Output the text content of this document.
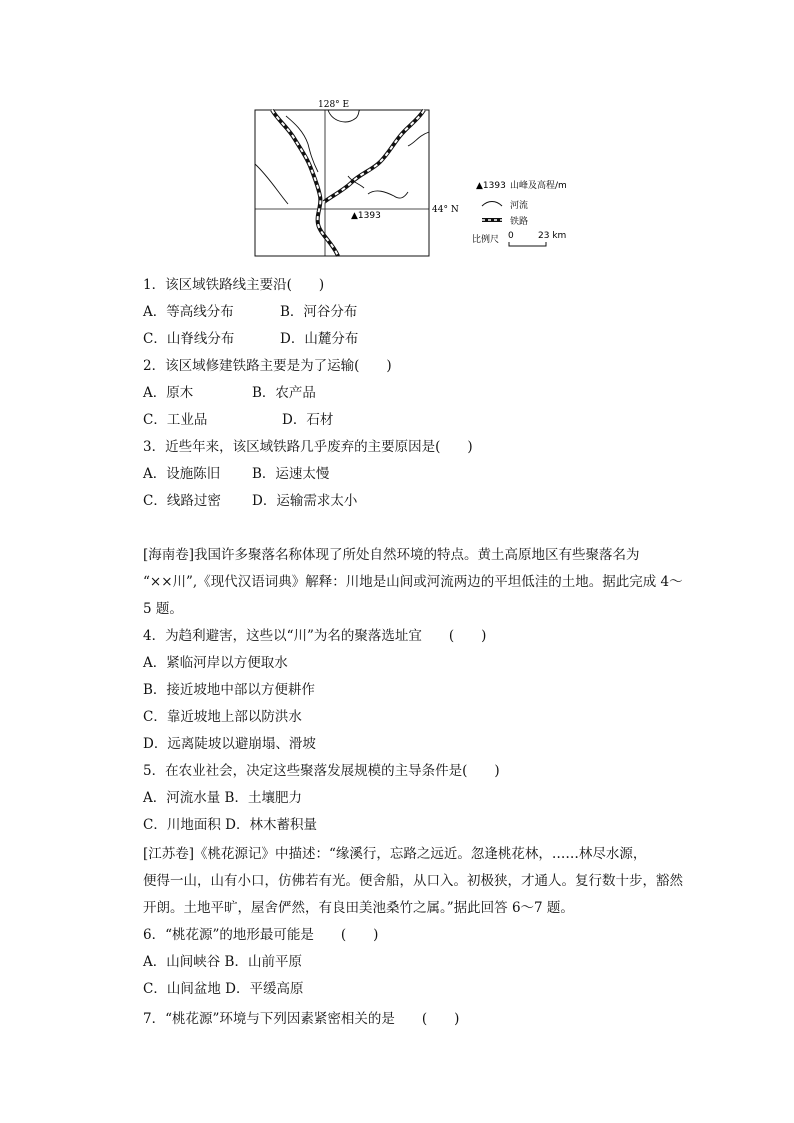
▲1393
128° E
44° N
▲1393 山峰及高程/m
河流
铁路
比例尺 0	23 km
1．该区域铁路线主要沿(　　)
A．等高线分布	B．河谷分布
C．山脊线分布	D．山麓分布
2．该区域修建铁路主要是为了运输(　　)
A．原木	B．农产品
C．工业品	D．石材
3．近些年来，该区域铁路几乎废弃的主要原因是(　　)
A．设施陈旧 B．运速太慢
C．线路过密 D．运输需求太小
[海南卷]我国许多聚落名称体现了所处自然环境的特点。黄土高原地区有些聚落名为
“××川”,《现代汉语词典》解释：川地是山间或河流两边的平坦低洼的土地。据此完成 4～
5 题。
4．为趋利避害，这些以“川”为名的聚落选址宜　　(　　)
A．紧临河岸以方便取水
B．接近坡地中部以方便耕作
C．靠近坡地上部以防洪水
D．远离陡坡以避崩塌、滑坡
5．在农业社会，决定这些聚落发展规模的主导条件是(　　)
A．河流水量 B．土壤肥力
C．川地面积 D．林木蓄积量
[江苏卷]《桃花源记》中描述：“缘溪行，忘路之远近。忽逢桃花林，……林尽水源，
便得一山，山有小口，仿佛若有光。便舍船，从口入。初极狭，才通人。复行数十步，豁然
开朗。土地平旷，屋舍俨然，有良田美池桑竹之属。”据此回答 6～7 题。
6．“桃花源”的地形最可能是　　(　　)
A．山间峡谷 B．山前平原
C．山间盆地 D．平缓高原
7．“桃花源”环境与下列因素紧密相关的是　　(　　)
